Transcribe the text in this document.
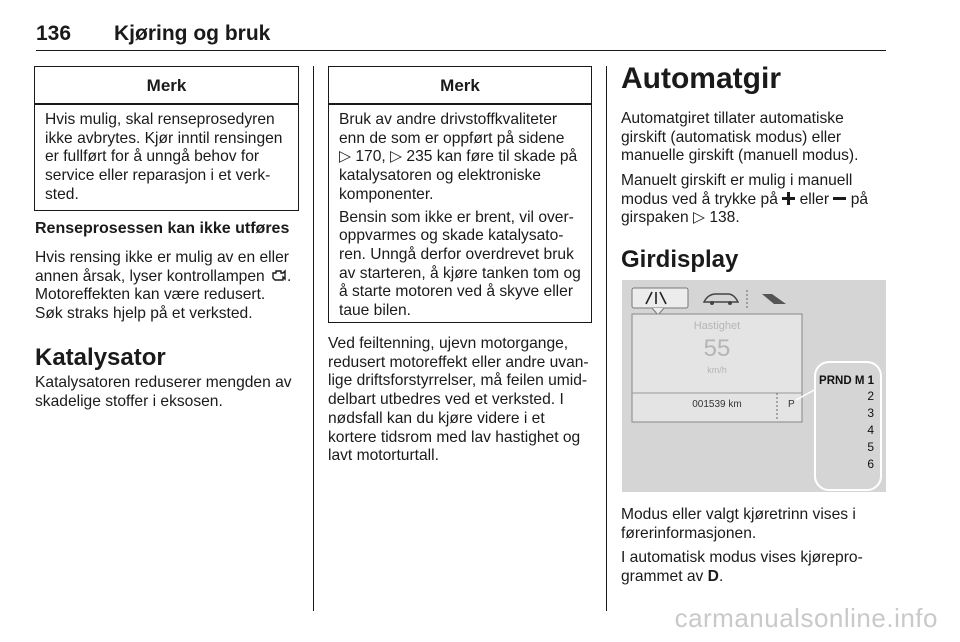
136 Kjøring og bruk
Merk
Hvis mulig, skal renseprosedyren
ikke avbrytes. Kjør inntil rensingen
er fullført for å unngå behov for
service eller reparasjon i et verk-
sted.
Renseprosessen kan ikke utføres
Hvis rensing ikke er mulig av en eller
annen årsak, lyser kontrollampen .
Motoreffekten kan være redusert.
Søk straks hjelp på et verksted.
Katalysator
Katalysatoren reduserer mengden av
skadelige stoffer i eksosen.
Merk

Bruk av andre drivstoffkvaliteter
enn de som er oppført på sidene
▷ 170, ▷ 235 kan føre til skade på
katalysatoren og elektroniske
komponenter.

Bensin som ikke er brent, vil over-
oppvarmes og skade katalysato-
ren. Unngå derfor overdrevet bruk
av starteren, å kjøre tanken tom og
å starte motoren ved å skyve eller
taue bilen.

Ved feiltenning, ujevn motorgange,
redusert motoreffekt eller andre uvan-
lige driftsforstyrrelser, må feilen umid-
delbart utbedres ved et verksted. I
nødsfall kan du kjøre videre i et
kortere tidsrom med lav hastighet og
lavt motorturtall.
Automatgir
Automatgiret tillater automatiske
girskift (automatisk modus) eller
manuelle girskift (manuell modus).
Manuelt girskift er mulig i manuell
modus ved å trykke på eller på
girspaken ▷ 138.
Girdisplay
Hastighet
55
km/h
001539 km	P
PRND M 1
2
3
4
5
6
Modus eller valgt kjøretrinn vises i
førerinformasjonen.
I automatisk modus vises kjørepro-
grammet av D.
carmanualsonline.info
